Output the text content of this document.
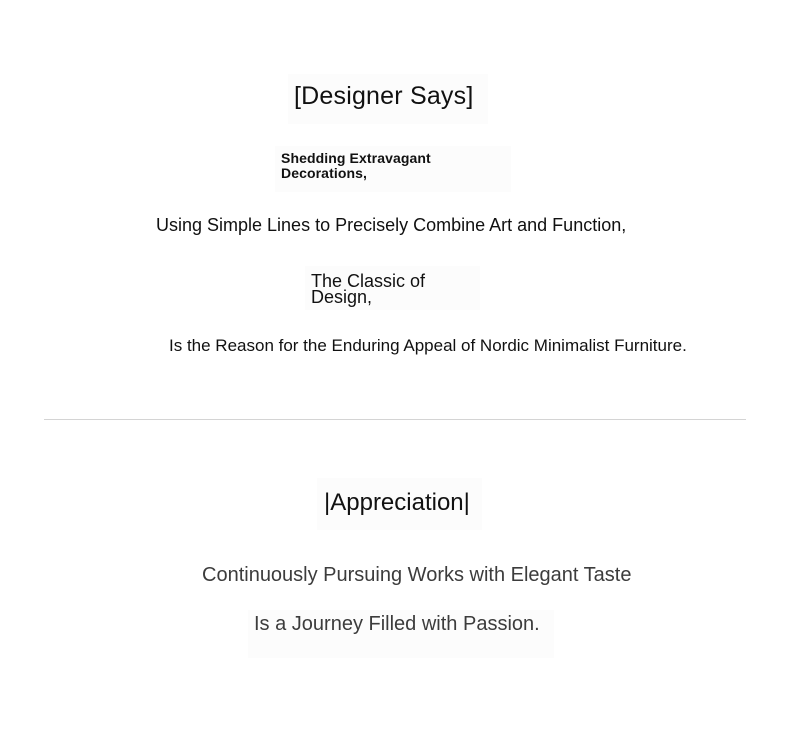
[Designer Says]
Shedding Extravagant Decorations,
Using Simple Lines to Precisely Combine Art and Function,
The Classic of Design,
Is the Reason for the Enduring Appeal of Nordic Minimalist Furniture.
|Appreciation|
Continuously Pursuing Works with Elegant Taste
Is a Journey Filled with Passion.
